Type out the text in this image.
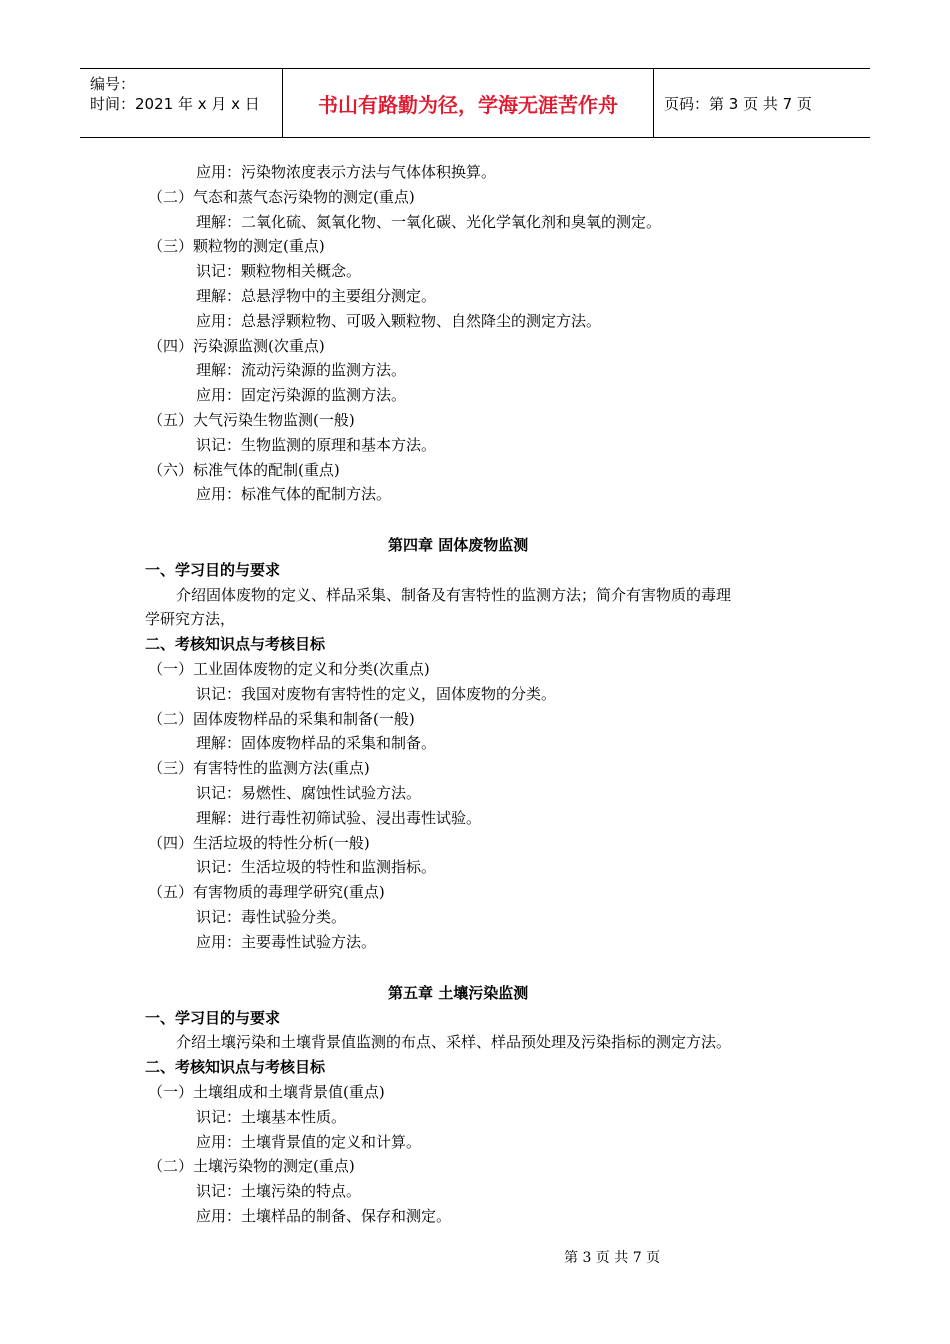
编号：
时间：2021 年 x 月 x 日	书山有路勤为径，学海无涯苦作舟	页码：第 3 页 共 7 页
应用：污染物浓度表示方法与气体体积换算。
（二）气态和蒸气态污染物的测定(重点)
理解：二氧化硫、氮氧化物、一氧化碳、光化学氧化剂和臭氧的测定。
（三）颗粒物的测定(重点)
识记：颗粒物相关概念。
理解：总悬浮物中的主要组分测定。
应用：总悬浮颗粒物、可吸入颗粒物、自然降尘的测定方法。
（四）污染源监测(次重点)
理解：流动污染源的监测方法。
应用：固定污染源的监测方法。
（五）大气污染生物监测(一般)
识记：生物监测的原理和基本方法。
（六）标准气体的配制(重点)
应用：标准气体的配制方法。
第四章 固体废物监测
一、学习目的与要求
介绍固体废物的定义、样品采集、制备及有害特性的监测方法；简介有害物质的毒理
学研究方法，
二、考核知识点与考核目标
（一）工业固体废物的定义和分类(次重点)
识记：我国对废物有害特性的定义，固体废物的分类。
（二）固体废物样品的采集和制备(一般)
理解：固体废物样品的采集和制备。
（三）有害特性的监测方法(重点)
识记：易燃性、腐蚀性试验方法。
理解：进行毒性初筛试验、浸出毒性试验。
（四）生活垃圾的特性分析(一般)
识记：生活垃圾的特性和监测指标。
（五）有害物质的毒理学研究(重点)
识记：毒性试验分类。
应用：主要毒性试验方法。
第五章 土壤污染监测
一、学习目的与要求
介绍土壤污染和土壤背景值监测的布点、采样、样品预处理及污染指标的测定方法。
二、考核知识点与考核目标
（一）土壤组成和土壤背景值(重点)
识记：土壤基本性质。
应用：土壤背景值的定义和计算。
（二）土壤污染物的测定(重点)
识记：土壤污染的特点。
应用：土壤样品的制备、保存和测定。
第 3 页 共 7 页
